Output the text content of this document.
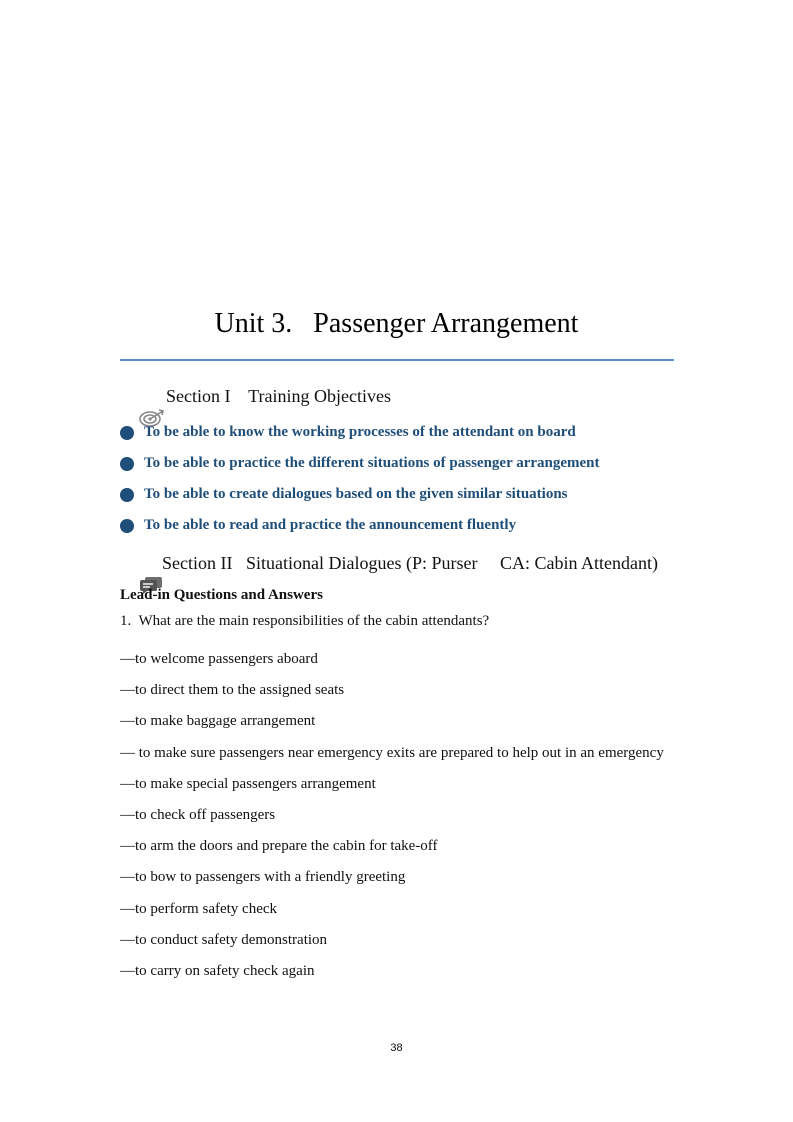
Unit 3.   Passenger Arrangement

Section I    Training Objectives
To be able to know the working processes of the attendant on board
To be able to practice the different situations of passenger arrangement
To be able to create dialogues based on the given similar situations
To be able to read and practice the announcement fluently

Section II   Situational Dialogues (P: Purser     CA: Cabin Attendant)
Lead-in Questions and Answers
1.  What are the main responsibilities of the cabin attendants?
—to welcome passengers aboard
—to direct them to the assigned seats
—to make baggage arrangement
— to make sure passengers near emergency exits are prepared to help out in an emergency
—to make special passengers arrangement
—to check off passengers
—to arm the doors and prepare the cabin for take-off
—to bow to passengers with a friendly greeting
—to perform safety check
—to conduct safety demonstration
—to carry on safety check again
38
